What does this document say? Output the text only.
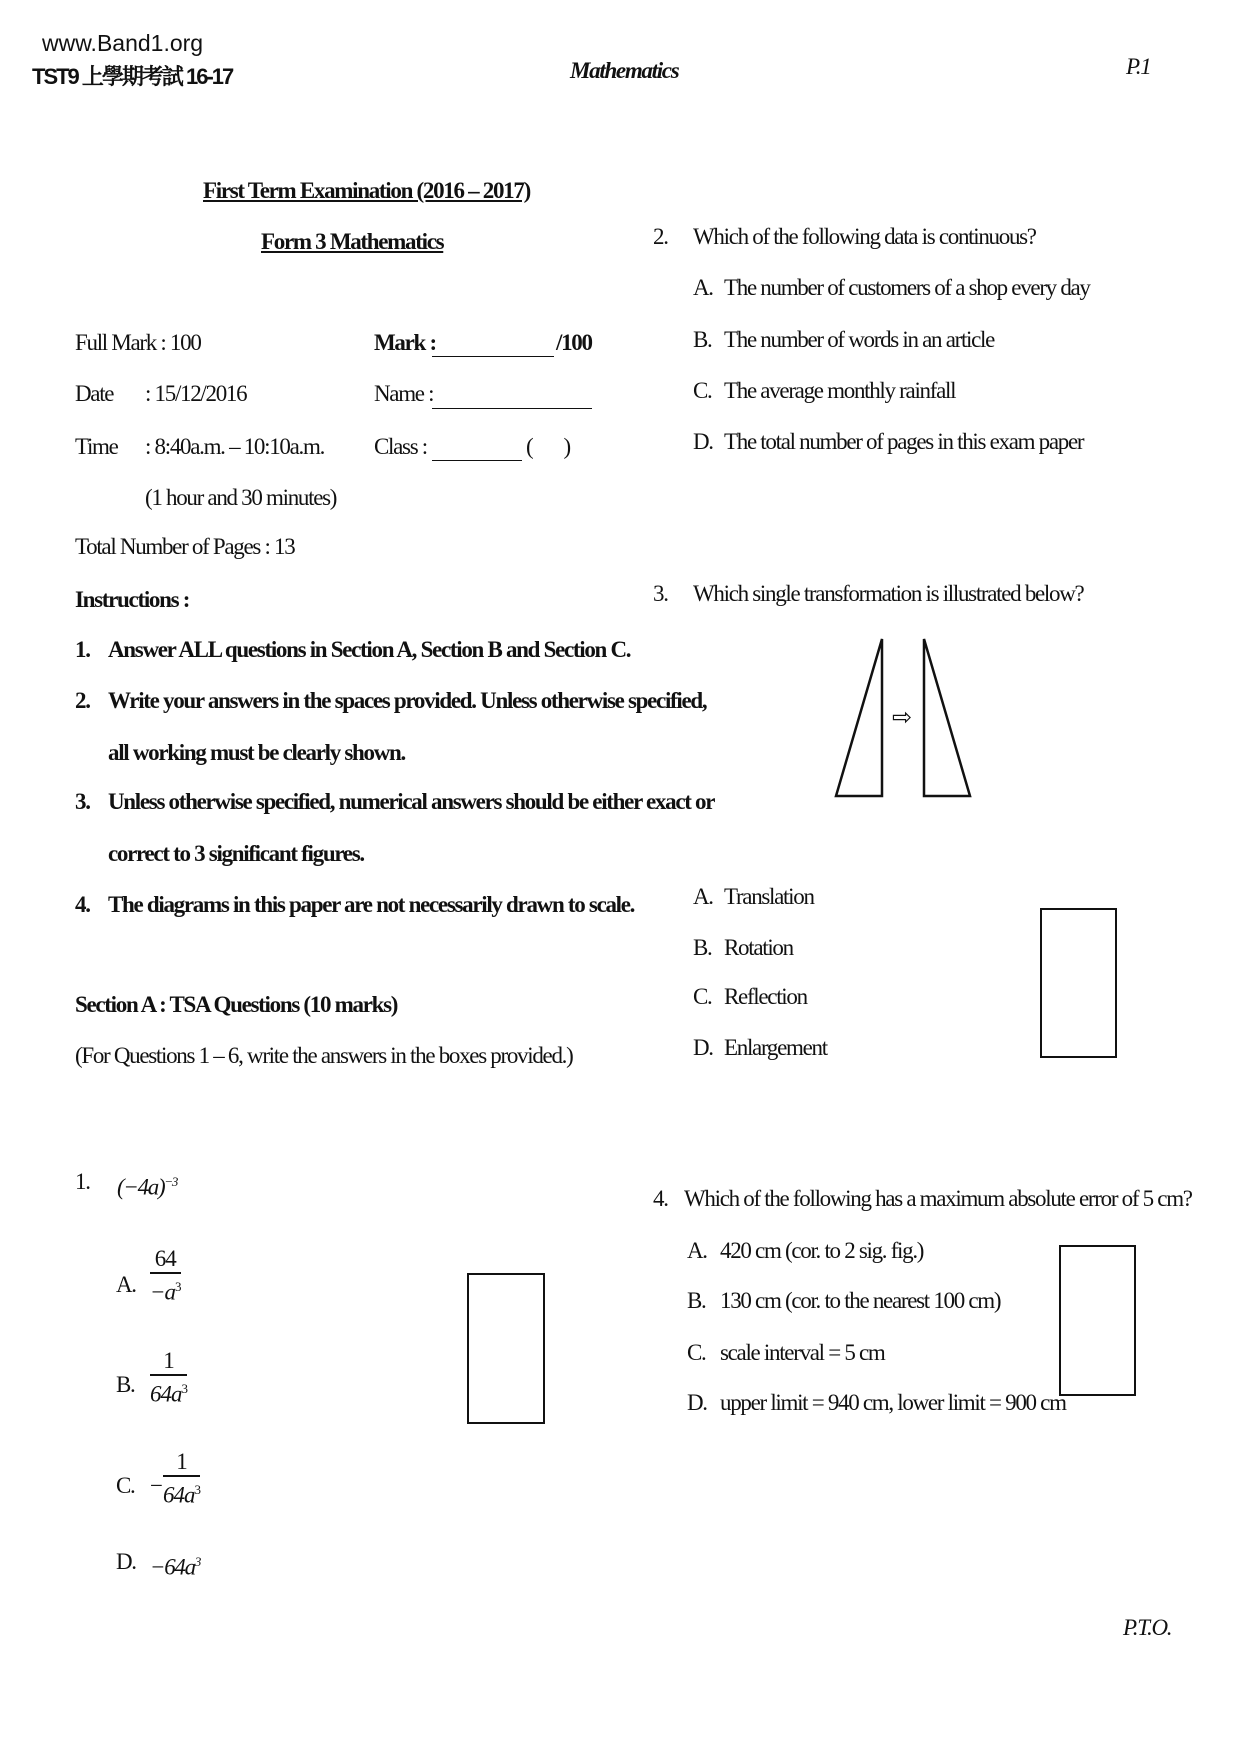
www.Band1.org
TST9 上學期考試 16-17	Mathematics	P.1
First Term Examination (2016 – 2017)
Form 3 Mathematics
Full Mark : 100	Mark :	/100
Date : 15/12/2016	Name :
Time : 8:40a.m. – 10:10a.m. Class :	(       )
(1 hour and 30 minutes)
Total Number of Pages : 13
Instructions :
1. Answer ALL questions in Section A, Section B and Section C.
2. Write your answers in the spaces provided. Unless otherwise specified,
all working must be clearly shown.
3. Unless otherwise specified, numerical answers should be either exact or
correct to 3 significant figures.
4. The diagrams in this paper are not necessarily drawn to scale.
Section A : TSA Questions (10 marks)
(For Questions 1 – 6, write the answers in the boxes provided.)
1. $(-4a)^{-3}$
A. $\frac{64}{-a^3}$
B. $\frac{1}{64a^3}$
C. − $\frac{1}{64a^3}$
D. $-64a^3$
2. Which of the following data is continuous?
A. The number of customers of a shop every day
B. The number of words in an article
C. The average monthly rainfall
D. The total number of pages in this exam paper
3. Which single transformation is illustrated below?
⇨
A. Translation
B. Rotation
C. Reflection
D. Enlargement
4. Which of the following has a maximum absolute error of 5 cm?
A. 420 cm (cor. to 2 sig. fig.)
B. 130 cm (cor. to the nearest 100 cm)
C. scale interval = 5 cm
D. upper limit = 940 cm, lower limit = 900 cm
P.T.O.
